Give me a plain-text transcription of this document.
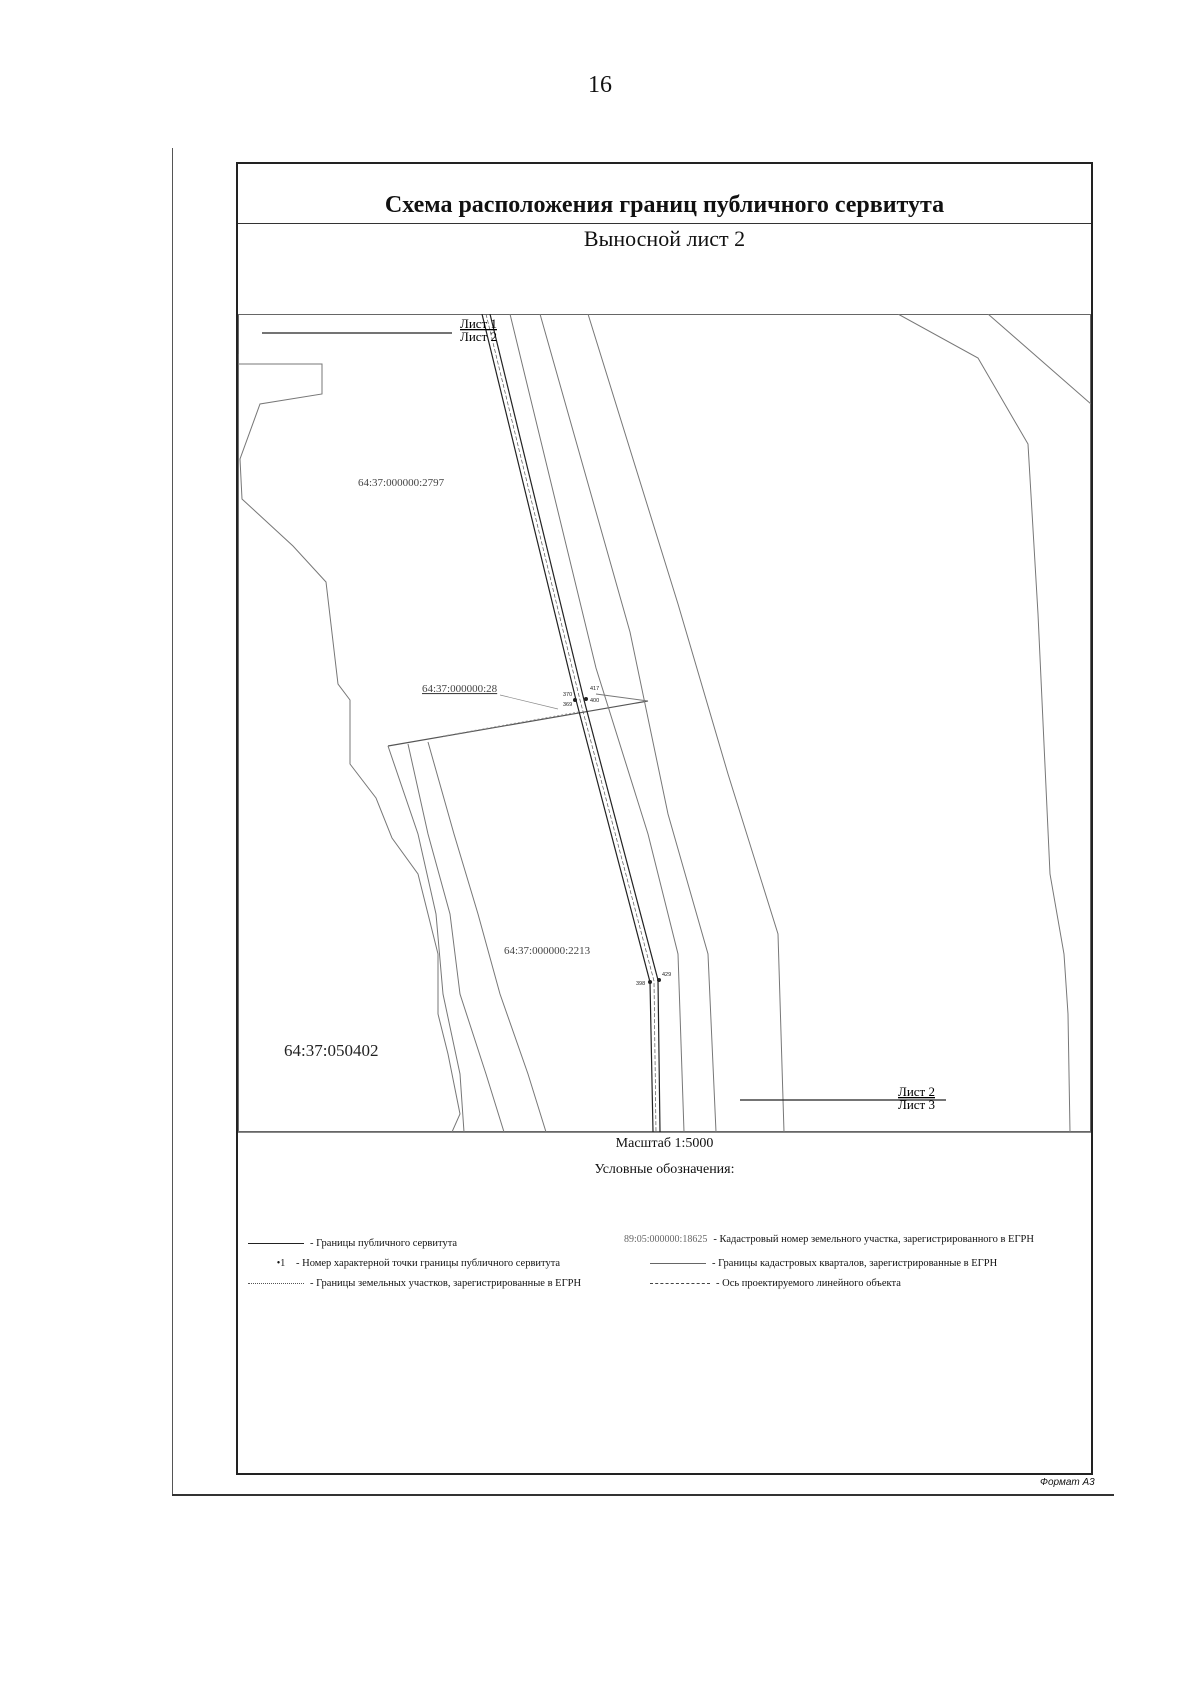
16
Схема расположения границ публичного сервитута
Выносной лист 2
Лист 1
Лист 2
Лист 2
Лист 3
64:37:000000:2797
64:37:000000:28
64:37:000000:2213
64:37:050402
370
369
417
400
398
429
Масштаб 1:5000
Условные обозначения:
- Границы публичного сервитута
•1	- Номер характерной точки границы публичного сервитута
- Границы земельных участков, зарегистрированные в ЕГРН
89:05:000000:18625 - Кадастровый номер земельного участка, зарегистрированного в ЕГРН
- Границы кадастровых кварталов, зарегистрированные в ЕГРН
- Ось проектируемого линейного объекта
Формат А3
